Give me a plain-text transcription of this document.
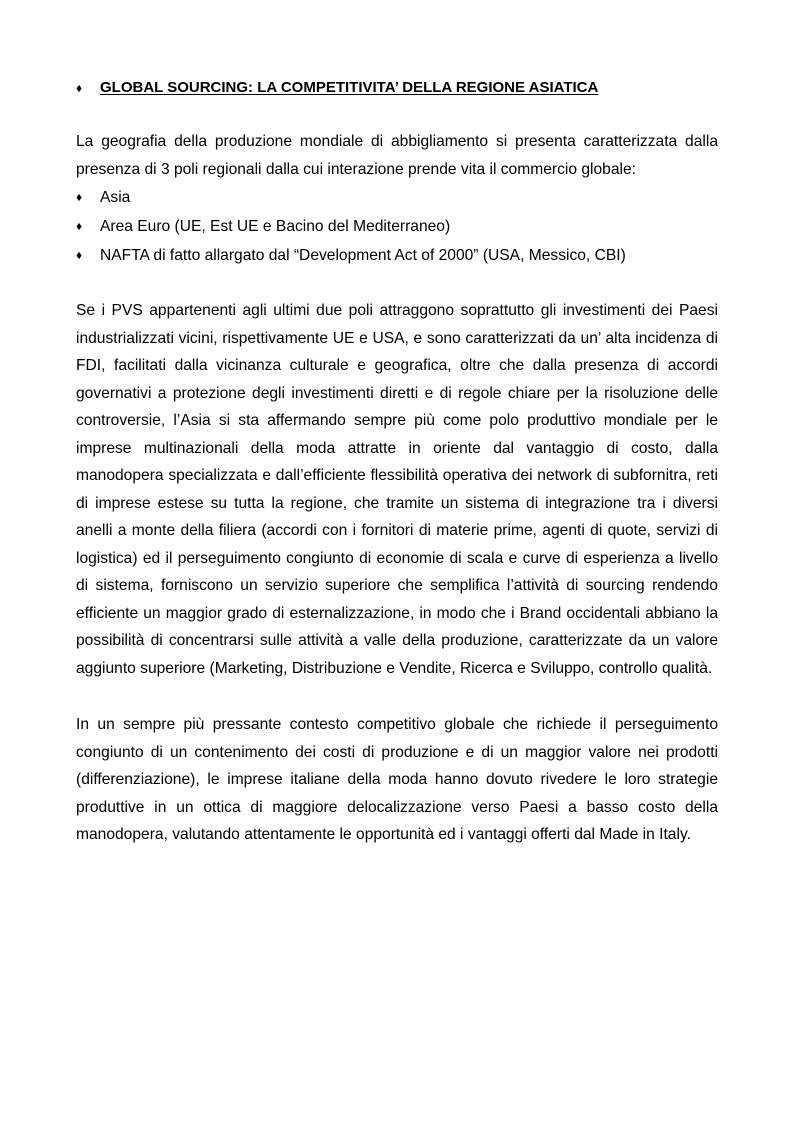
♦ GLOBAL SOURCING: LA COMPETITIVITA’ DELLA REGIONE ASIATICA

La geografia della produzione mondiale di abbigliamento si presenta caratterizzata dalla presenza di 3 poli regionali dalla cui interazione prende vita il commercio globale:

♦ Asia
♦ Area Euro (UE, Est UE e Bacino del Mediterraneo)
♦ NAFTA di fatto allargato dal “Development Act of 2000” (USA, Messico, CBI)

Se i PVS appartenenti agli ultimi due poli attraggono soprattutto gli investimenti dei Paesi industrializzati vicini, rispettivamente UE e USA, e sono caratterizzati da un’ alta incidenza di FDI, facilitati dalla vicinanza culturale e geografica, oltre che dalla presenza di accordi governativi a protezione degli investimenti diretti e di regole chiare per la risoluzione delle controversie, l’Asia si sta affermando sempre più come polo produttivo mondiale per le imprese multinazionali della moda attratte in oriente dal vantaggio di costo, dalla manodopera specializzata e dall’efficiente flessibilità operativa dei network di subfornitra, reti di imprese estese su tutta la regione, che tramite un sistema di integrazione tra i diversi anelli a monte della filiera (accordi con i fornitori di materie prime, agenti di quote, servizi di logistica) ed il perseguimento congiunto di economie di scala e curve di esperienza a livello di sistema, forniscono un servizio superiore che semplifica l’attività di sourcing rendendo efficiente un maggior grado di esternalizzazione, in modo che i Brand occidentali abbiano la possibilità di concentrarsi sulle attività a valle della produzione, caratterizzate da un valore aggiunto superiore (Marketing, Distribuzione e Vendite, Ricerca e Sviluppo, controllo qualità.

In un sempre più pressante contesto competitivo globale che richiede il perseguimento congiunto di un contenimento dei costi di produzione e di un maggior valore nei prodotti (differenziazione), le imprese italiane della moda hanno dovuto rivedere le loro strategie produttive in un ottica di maggiore delocalizzazione verso Paesi a basso costo della manodopera, valutando attentamente le opportunità ed i vantaggi offerti dal Made in Italy.
